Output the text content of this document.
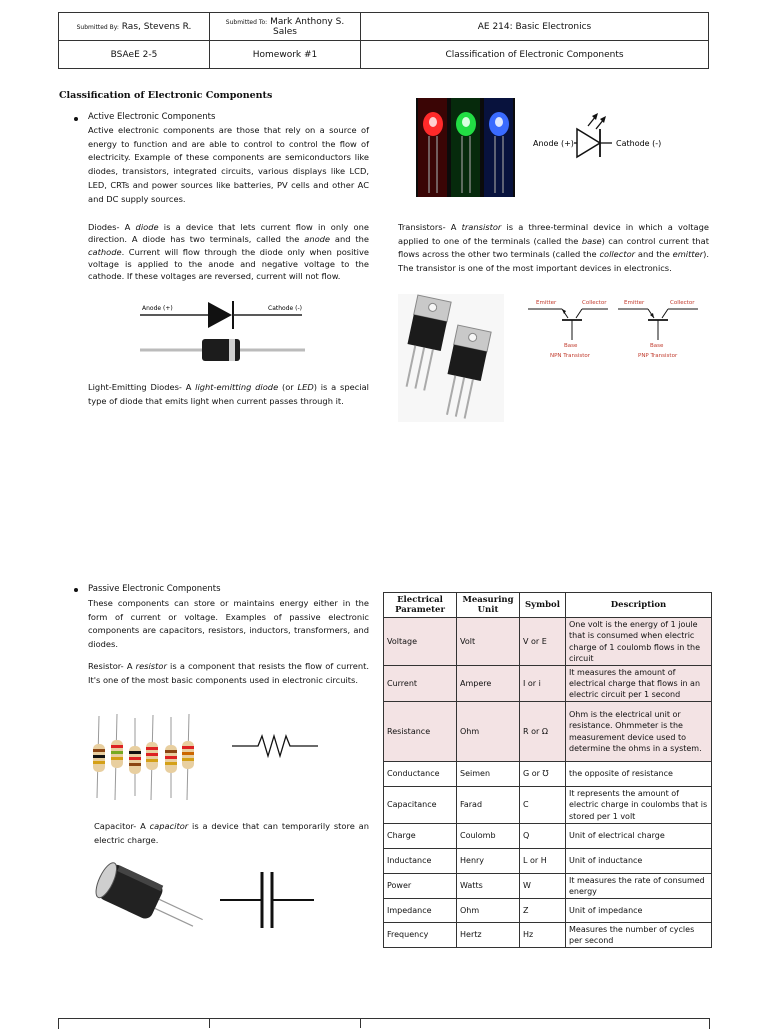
Submitted By: Ras, Stevens R.	Submitted To: Mark Anthony S. Sales	AE 214: Basic Electronics
BSAeE 2-5	Homework #1	Classification of Electronic Components
Classification of Electronic Components
Active Electronic Components
Active electronic components are those that rely on a source of energy to function and are able to control to control the flow of electricity. Example of these components are semiconductors like diodes, transistors, integrated circuits, various displays like LCD, LED, CRTs and power sources like batteries, PV cells and other AC and DC supply sources.
Diodes- A diode is a device that lets current flow in only one direction. A diode has two terminals, called the anode and the cathode. Current will flow through the diode only when positive voltage is applied to the anode and negative voltage to the cathode. If these voltages are reversed, current will not flow.
Anode (+)	Cathode (-)
Light-Emitting Diodes- A light-emitting diode (or LED) is a special type of diode that emits light when current passes through it.
Anode (+)	Cathode (-)
Transistors- A transistor is a three-terminal device in which a voltage applied to one of the terminals (called the base) can control current that flows across the other two terminals (called the collector and the emitter). The transistor is one of the most important devices in electronics.
Emitter	Collector
Base
NPN Transistor
Emitter	Collector
Base
PNP Transistor
Passive Electronic Components
These components can store or maintains energy either in the form of current or voltage. Examples of passive electronic components are capacitors, resistors, inductors, transformers, and diodes.
Resistor- A resistor is a component that resists the flow of current. It's one of the most basic components used in electronic circuits.
Capacitor- A capacitor is a device that can temporarily store an electric charge.
Electrical Parameter	Measuring Unit	Symbol	Description
Voltage	Volt	V or E	One volt is the energy of 1 joule that is consumed when electric charge of 1 coulomb flows in the circuit
Current	Ampere	I or i	It measures the amount of electrical charge that flows in an electric circuit per 1 second
Resistance	Ohm	R or Ω	Ohm is the electrical unit or resistance. Ohmmeter is the measurement device used to determine the ohms in a system.
Conductance	Seimen	G or ℧	the opposite of resistance
Capacitance	Farad	C	It represents the amount of electric charge in coulombs that is stored per 1 volt
Charge	Coulomb	Q	Unit of electrical charge
Inductance	Henry	L or H	Unit of inductance
Power	Watts	W	It measures the rate of consumed energy
Impedance	Ohm	Z	Unit of impedance
Frequency	Hertz	Hz	Measures the number of cycles per second
